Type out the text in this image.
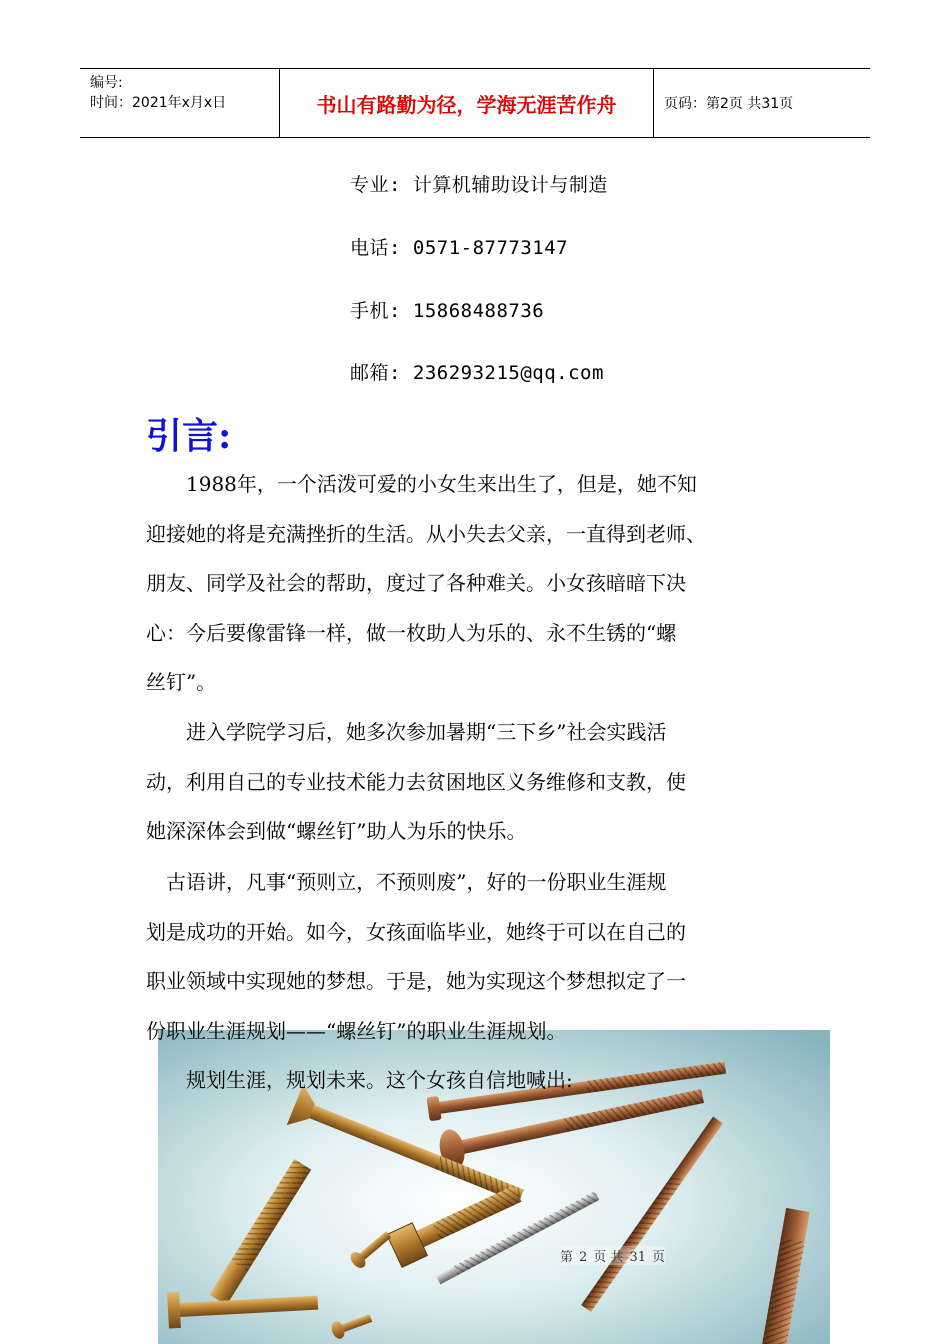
编号:
时间：2021年x月x日	书山有路勤为径，学海无涯苦作舟	页码：第2页 共31页
专业: 计算机辅助设计与制造
电话: 0571-87773147
手机: 15868488736
邮箱: 236293215@qq.com
引言:
　　1988年，一个活泼可爱的小女生来出生了，但是，她不知
迎接她的将是充满挫折的生活。从小失去父亲，一直得到老师、
朋友、同学及社会的帮助，度过了各种难关。小女孩暗暗下决
心：今后要像雷锋一样，做一枚助人为乐的、永不生锈的“螺
丝钉”。
　　进入学院学习后，她多次参加暑期“三下乡”社会实践活
动，利用自己的专业技术能力去贫困地区义务维修和支教，使
她深深体会到做“螺丝钉”助人为乐的快乐。
　古语讲，凡事“预则立，不预则废”，好的一份职业生涯规
划是成功的开始。如今，女孩面临毕业，她终于可以在自己的
职业领域中实现她的梦想。于是，她为实现这个梦想拟定了一
份职业生涯规划——“螺丝钉”的职业生涯规划。
　　规划生涯，规划未来。这个女孩自信地喊出:
第 2 页 共 31 页
